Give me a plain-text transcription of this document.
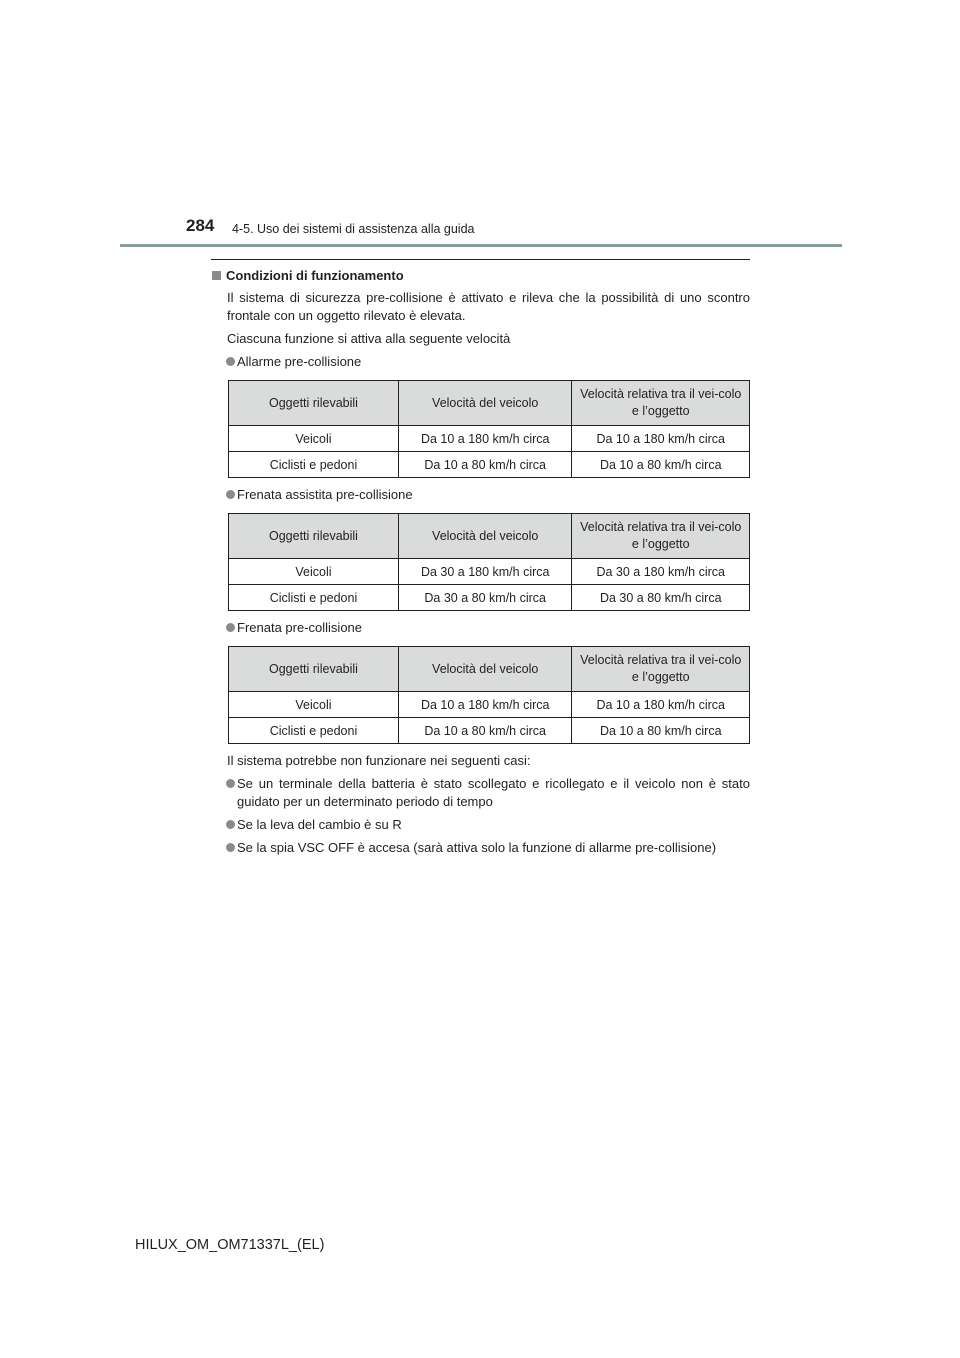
284 4-5. Uso dei sistemi di assistenza alla guida
Condizioni di funzionamento

Il sistema di sicurezza pre-collisione è attivato e rileva che la possibilità di uno scontro frontale con un oggetto rilevato è elevata.

Ciascuna funzione si attiva alla seguente velocità

Allarme pre-collisione
Oggetti rilevabili	Velocità del veicolo	Velocità relativa tra il vei-colo e l’oggetto
Veicoli	Da 10 a 180 km/h circa	Da 10 a 180 km/h circa
Ciclisti e pedoni	Da 10 a 80 km/h circa	Da 10 a 80 km/h circa
Frenata assistita pre-collisione
Oggetti rilevabili	Velocità del veicolo	Velocità relativa tra il vei-colo e l’oggetto
Veicoli	Da 30 a 180 km/h circa	Da 30 a 180 km/h circa
Ciclisti e pedoni	Da 30 a 80 km/h circa	Da 30 a 80 km/h circa
Frenata pre-collisione
Oggetti rilevabili	Velocità del veicolo	Velocità relativa tra il vei-colo e l’oggetto
Veicoli	Da 10 a 180 km/h circa	Da 10 a 180 km/h circa
Ciclisti e pedoni	Da 10 a 80 km/h circa	Da 10 a 80 km/h circa

Il sistema potrebbe non funzionare nei seguenti casi:

Se un terminale della batteria è stato scollegato e ricollegato e il veicolo non è stato guidato per un determinato periodo di tempo
Se la leva del cambio è su R
Se la spia VSC OFF è accesa (sarà attiva solo la funzione di allarme pre-collisione)
HILUX_OM_OM71337L_(EL)
